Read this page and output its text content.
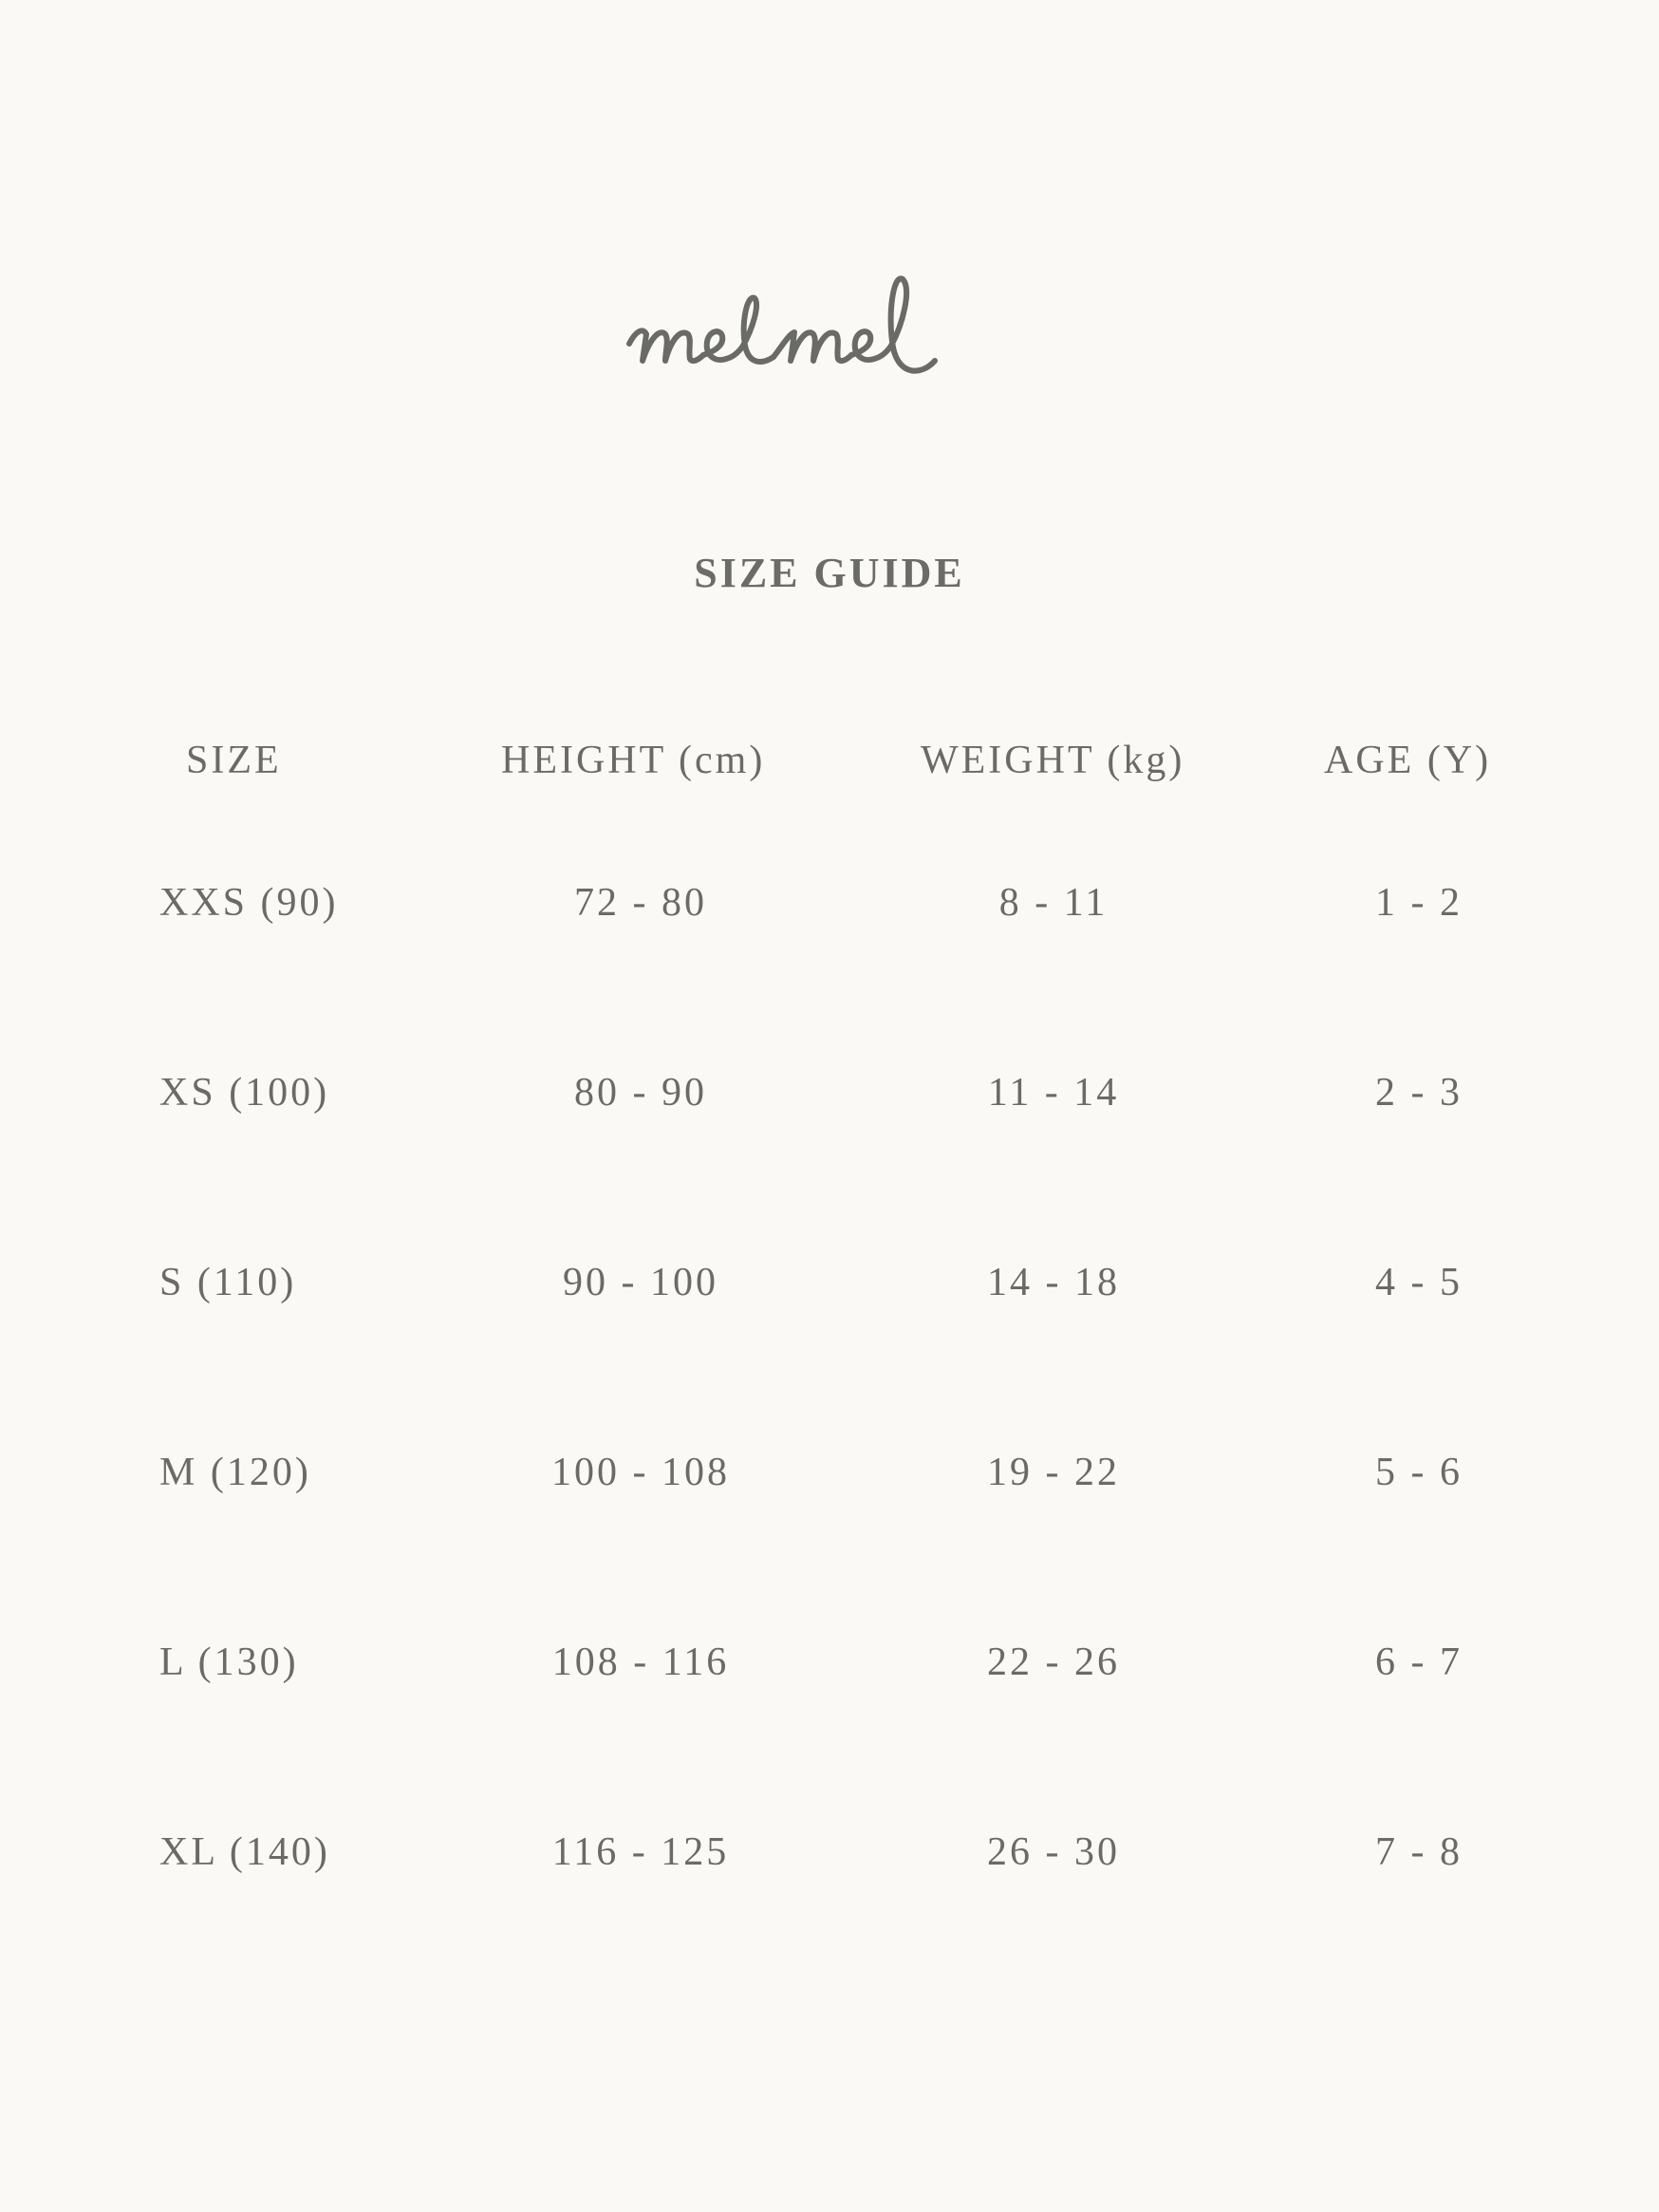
SIZE GUIDE
SIZE	HEIGHT (cm)	WEIGHT (kg)	AGE (Y)
XXS (90)	72 - 80	8 - 11	1 - 2
XS (100)	80 - 90	11 - 14	2 - 3
S (110)	90 - 100	14 - 18	4 - 5
M (120)	100 - 108	19 - 22	5 - 6
L (130)	108 - 116	22 - 26	6 - 7
XL (140)	116 - 125	26 - 30	7 - 8
